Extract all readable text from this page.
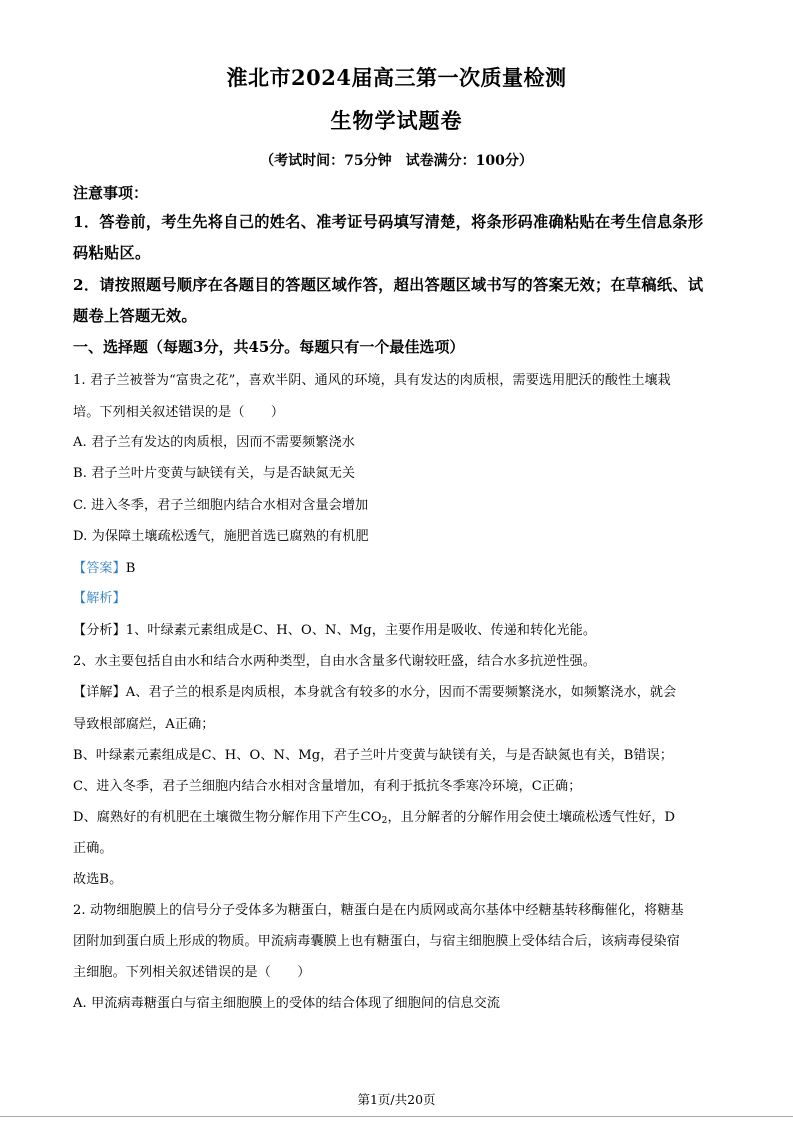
淮北市2024届高三第一次质量检测
生物学试题卷
（考试时间：75分钟　试卷满分：100分）
注意事项：
1．答卷前，考生先将自己的姓名、准考证号码填写清楚，将条形码准确粘贴在考生信息条形
码粘贴区。
2．请按照题号顺序在各题目的答题区域作答，超出答题区域书写的答案无效；在草稿纸、试
题卷上答题无效。
一、选择题（每题3分，共45分。每题只有一个最佳选项）
1. 君子兰被誉为“富贵之花”，喜欢半阴、通风的环境，具有发达的肉质根，需要选用肥沃的酸性土壤栽
培。下列相关叙述错误的是（　　）
A. 君子兰有发达的肉质根，因而不需要频繁浇水
B. 君子兰叶片变黄与缺镁有关，与是否缺氮无关
C. 进入冬季，君子兰细胞内结合水相对含量会增加
D. 为保障土壤疏松透气，施肥首选已腐熟的有机肥
【答案】B
【解析】
【分析】1、叶绿素元素组成是C、H、O、N、Mg，主要作用是吸收、传递和转化光能。
2、水主要包括自由水和结合水两种类型，自由水含量多代谢较旺盛，结合水多抗逆性强。
【详解】A、君子兰的根系是肉质根，本身就含有较多的水分，因而不需要频繁浇水，如频繁浇水，就会
导致根部腐烂，A正确；
B、叶绿素元素组成是C、H、O、N、Mg，君子兰叶片变黄与缺镁有关，与是否缺氮也有关，B错误；
C、进入冬季，君子兰细胞内结合水相对含量增加，有利于抵抗冬季寒冷环境，C正确；
D、腐熟好的有机肥在土壤微生物分解作用下产生$CO_2$，且分解者的分解作用会使土壤疏松透气性好，D
正确。
故选B。
2. 动物细胞膜上的信号分子受体多为糖蛋白，糖蛋白是在内质网或高尔基体中经糖基转移酶催化，将糖基
团附加到蛋白质上形成的物质。甲流病毒囊膜上也有糖蛋白，与宿主细胞膜上受体结合后，该病毒侵染宿
主细胞。下列相关叙述错误的是（　　）
A. 甲流病毒糖蛋白与宿主细胞膜上的受体的结合体现了细胞间的信息交流
第1页/共20页
